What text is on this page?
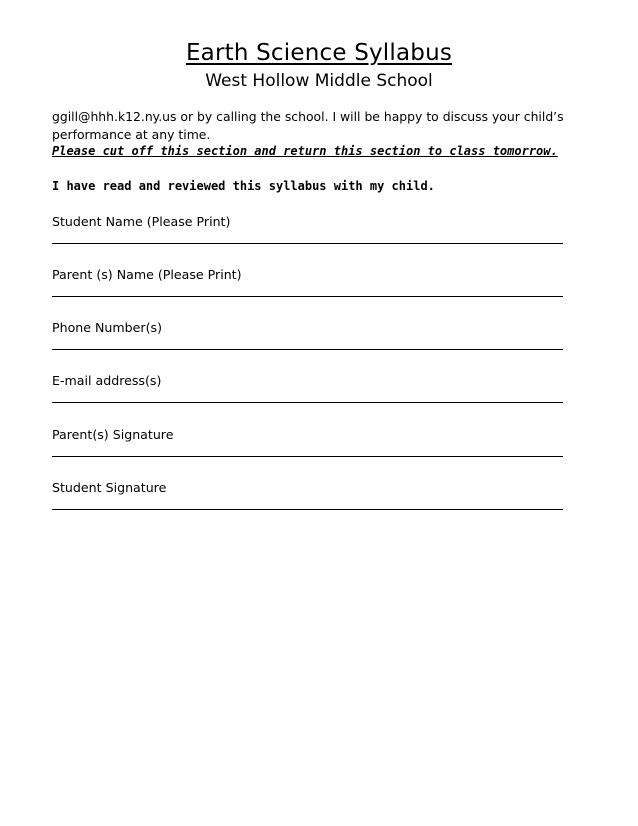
Earth Science Syllabus
West Hollow Middle School
ggill@hhh.k12.ny.us or by calling the school. I will be happy to discuss your child’s performance at any time.
Please cut off this section and return this section to class tomorrow.
I have read and reviewed this syllabus with my child.
Student Name (Please Print)
Parent (s) Name (Please Print)
Phone Number(s)
E-mail address(s)
Parent(s) Signature
Student Signature
